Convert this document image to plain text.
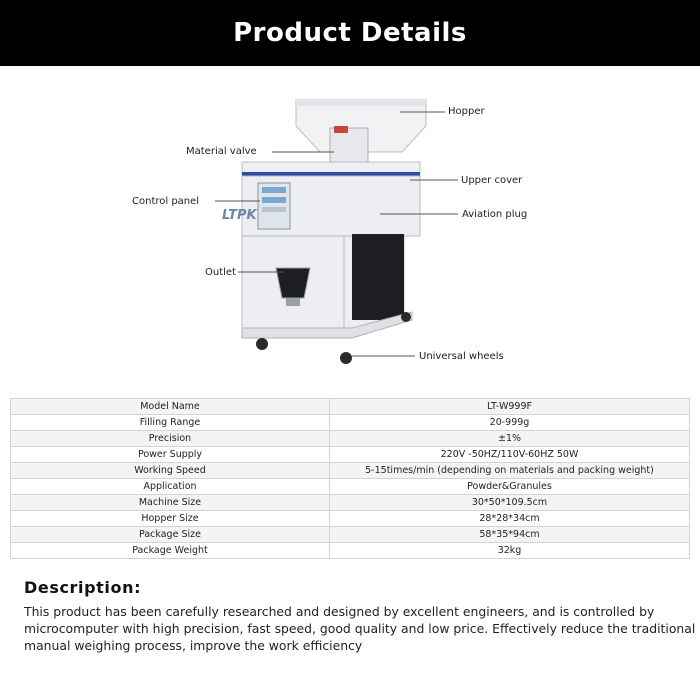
Product Details
LTPK
Hopper
Material valve
Upper cover
Control panel
Aviation plug
Outlet
Universal wheels
Model Name	LT-W999F
Filling Range	20-999g
Precision	±1%
Power Supply	220V -50HZ/110V-60HZ 50W
Working Speed	5-15times/min (depending on materials and packing weight)
Application	Powder&Granules
Machine Size	30*50*109.5cm
Hopper Size	28*28*34cm
Package Size	58*35*94cm
Package Weight	32kg
Description:
This product has been carefully researched and designed by excellent engineers, and is controlled by microcomputer with high precision, fast speed, good quality and low price. Effectively reduce the traditional manual weighing process, improve the work efficiency
